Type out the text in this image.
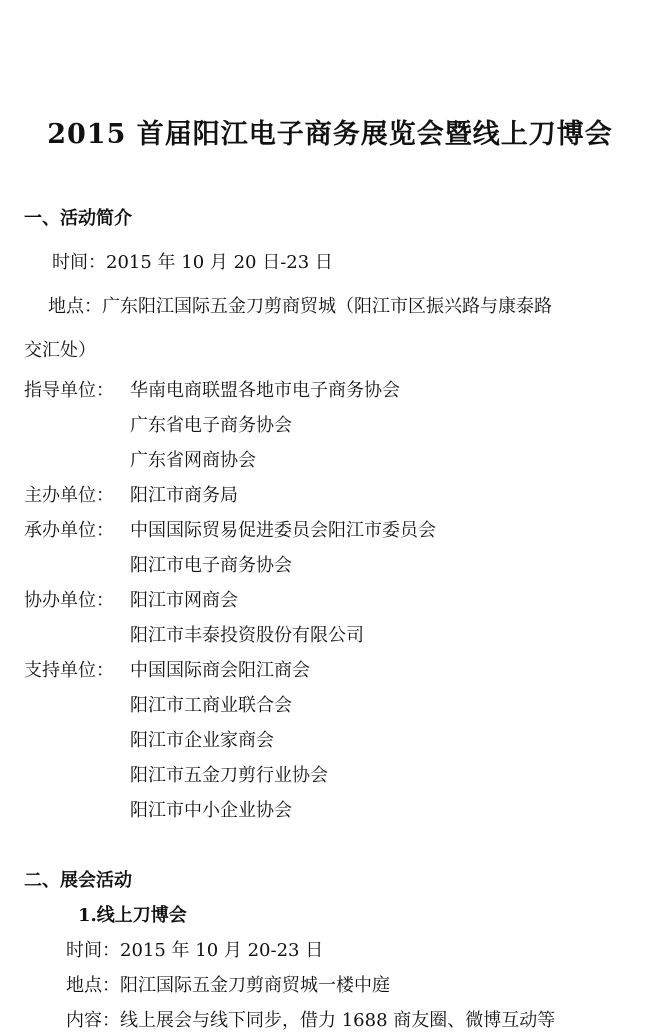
2015 首届阳江电子商务展览会暨线上刀博会
一、活动简介
时间：2015 年 10 月 20 日-23 日
地点：广东阳江国际五金刀剪商贸城（阳江市区振兴路与康泰路
交汇处）
指导单位： 华南电商联盟各地市电子商务协会
广东省电子商务协会
广东省网商协会
主办单位： 阳江市商务局
承办单位： 中国国际贸易促进委员会阳江市委员会
阳江市电子商务协会
协办单位： 阳江市网商会
阳江市丰泰投资股份有限公司
支持单位： 中国国际商会阳江商会
阳江市工商业联合会
阳江市企业家商会
阳江市五金刀剪行业协会
阳江市中小企业协会
二、展会活动
1.线上刀博会
时间：2015 年 10 月 20-23 日
地点：阳江国际五金刀剪商贸城一楼中庭
内容：线上展会与线下同步，借力 1688 商友圈、微博互动等
